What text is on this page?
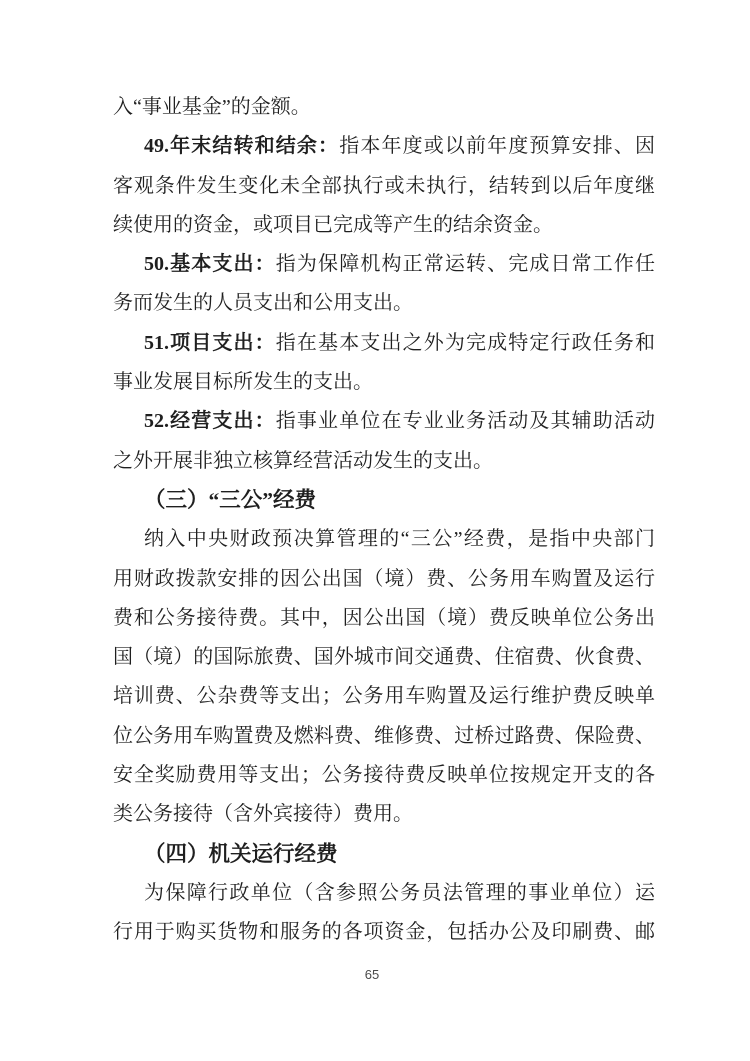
入“事业基金”的金额。
49.年末结转和结余：指本年度或以前年度预算安排、因
客观条件发生变化未全部执行或未执行，结转到以后年度继
续使用的资金，或项目已完成等产生的结余资金。
50.基本支出：指为保障机构正常运转、完成日常工作任
务而发生的人员支出和公用支出。
51.项目支出：指在基本支出之外为完成特定行政任务和
事业发展目标所发生的支出。
52.经营支出：指事业单位在专业业务活动及其辅助活动
之外开展非独立核算经营活动发生的支出。
（三）“三公”经费
纳入中央财政预决算管理的“三公”经费，是指中央部门
用财政拨款安排的因公出国（境）费、公务用车购置及运行
费和公务接待费。其中，因公出国（境）费反映单位公务出
国（境）的国际旅费、国外城市间交通费、住宿费、伙食费、
培训费、公杂费等支出；公务用车购置及运行维护费反映单
位公务用车购置费及燃料费、维修费、过桥过路费、保险费、
安全奖励费用等支出；公务接待费反映单位按规定开支的各
类公务接待（含外宾接待）费用。
（四）机关运行经费
为保障行政单位（含参照公务员法管理的事业单位）运
行用于购买货物和服务的各项资金，包括办公及印刷费、邮
65
